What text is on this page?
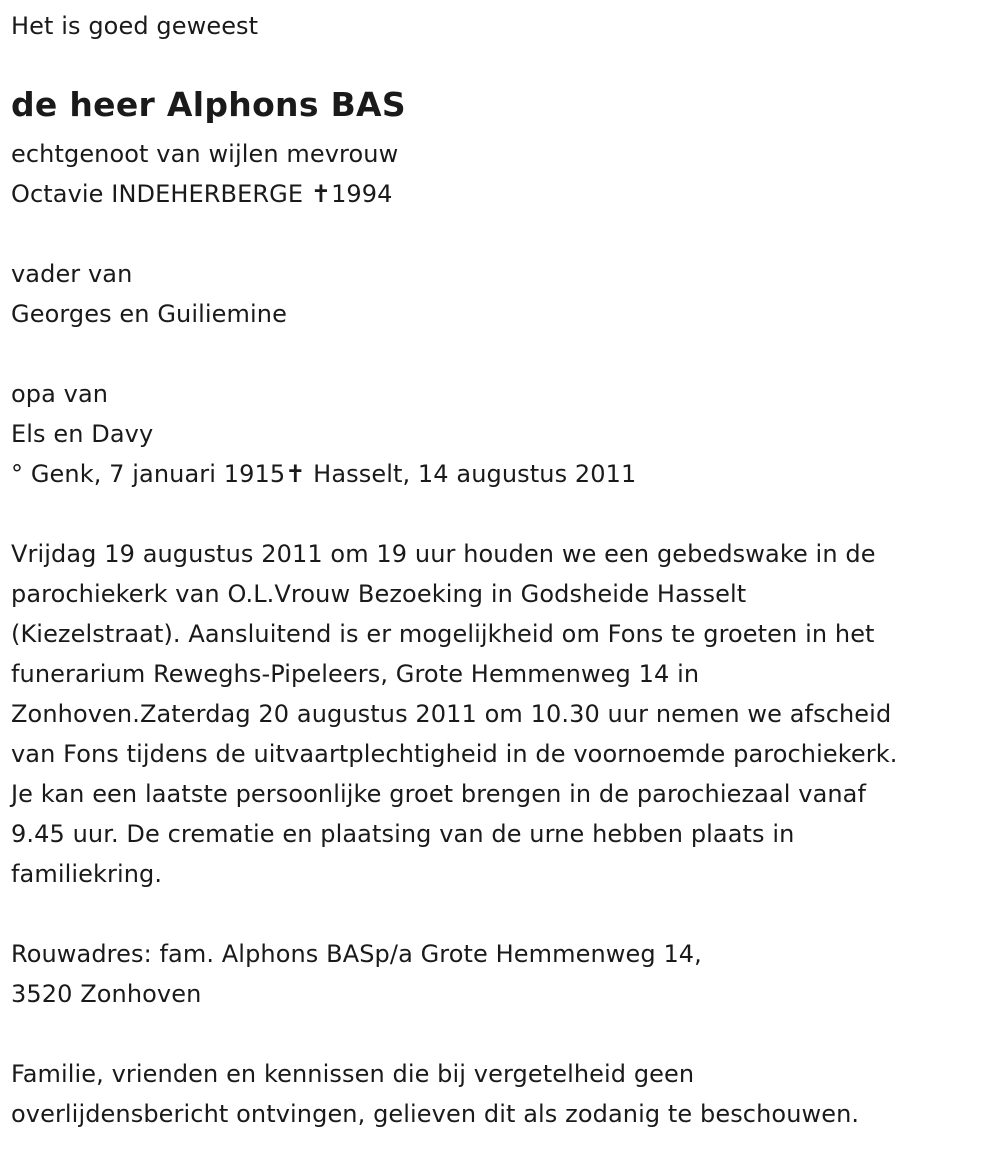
Het is goed geweest
de heer Alphons BAS
echtgenoot van wijlen mevrouw
Octavie INDEHERBERGE ✝1994
vader van
Georges en Guiliemine
opa van
Els en Davy
° Genk, 7 januari 1915✝ Hasselt, 14 augustus 2011
Vrijdag 19 augustus 2011 om 19 uur houden we een gebedswake in de
parochiekerk van O.L.Vrouw Bezoeking in Godsheide Hasselt
(Kiezelstraat). Aansluitend is er mogelijkheid om Fons te groeten in het
funerarium Reweghs-Pipeleers, Grote Hemmenweg 14 in
Zonhoven.Zaterdag 20 augustus 2011 om 10.30 uur nemen we afscheid
van Fons tijdens de uitvaartplechtigheid in de voornoemde parochiekerk.
Je kan een laatste persoonlijke groet brengen in de parochiezaal vanaf
9.45 uur. De crematie en plaatsing van de urne hebben plaats in
familiekring.
Rouwadres: fam. Alphons BASp/a Grote Hemmenweg 14,
3520 Zonhoven
Familie, vrienden en kennissen die bij vergetelheid geen
overlijdensbericht ontvingen, gelieven dit als zodanig te beschouwen.
